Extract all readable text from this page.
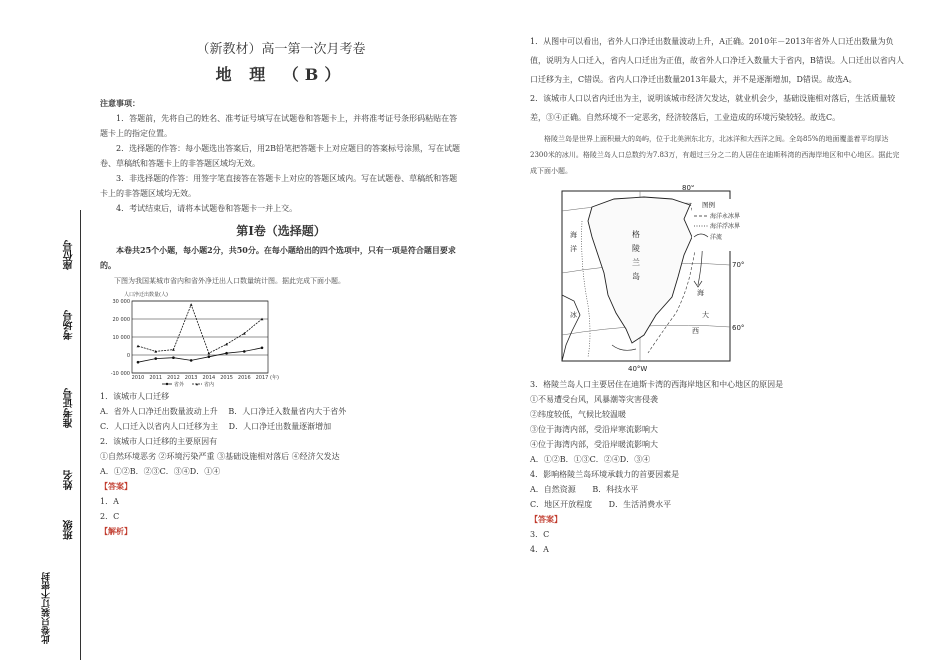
座位号
考场号
准考证号
姓名
班级
此卷只装订不密封
（新教材）高一第一次月考卷
地 理 （B）
注意事项：

1．答题前，先将自己的姓名、准考证号填写在试题卷和答题卡上，并将准考证号条形码粘贴在答题卡上的指定位置。

2．选择题的作答：每小题选出答案后，用2B铅笔把答题卡上对应题目的答案标号涂黑，写在试题卷、草稿纸和答题卡上的非答题区域均无效。

3．非选择题的作答：用签字笔直接答在答题卡上对应的答题区域内。写在试题卷、草稿纸和答题卡上的非答题区域均无效。

4．考试结束后，请将本试题卷和答题卡一并上交。

第Ⅰ卷（选择题）

本卷共25个小题，每小题2分，共50分。在每小题给出的四个选项中，只有一项是符合题目要求的。

下图为我国某城市省内和省外净迁出人口数量统计图。据此完成下面小题。

人口净迁出数量(人)
30 000
20 000
10 000
0
-10 000
2010 2011 2012 2013 2014 2015 2016 2017 (年)
省外	省内
1．该城市人口迁移
A．省外人口净迁出数量波动上升 B．人口净迁入数量省内大于省外
C．人口迁入以省内人口迁移为主 D．人口净迁出数量逐渐增加
2．该城市人口迁移的主要原因有
①自然环境恶劣 ②环境污染严重 ③基础设施相对落后 ④经济欠发达
A．①②B．②③C．③④D．①④
【答案】
1．A
2．C
【解析】

1．从图中可以看出，省外人口净迁出数量波动上升，A正确。2010年－2013年省外人口迁出数量为负值，说明为人口迁入，省内人口迁出为正值，故省外人口净迁入数量大于省内，B错误。人口迁出以省内人口迁移为主，C错误。省内人口净迁出数量2013年最大，并不是逐渐增加，D错误。故选A。

2．该城市人口以省内迁出为主，说明该城市经济欠发达，就业机会少，基础设施相对落后，生活质量较差，③④正确。自然环境不一定恶劣，经济较落后，工业造成的环境污染较轻。故选C。

格陵兰岛是世界上面积最大的岛屿，位于北美洲东北方，北冰洋和大西洋之间。全岛85%的地面覆盖着平均厚达2300米的冰川。格陵兰岛人口总数约为7.83万，有超过三分之二的人居住在迪斯科湾的西海岸地区和中心地区。据此完成下面小题。

80°
70°
60°
40°W
格
陵
兰
岛
海
洋
冰
海
大
西
图例
海洋永冰界
海洋浮冰界
洋流
3．格陵兰岛人口主要居住在迪斯卡湾的西海岸地区和中心地区的原因是
①不易遭受台风，风暴潮等灾害侵袭
②纬度较低，气候比较温暖
③位于海湾内部，受沿岸寒流影响大
④位于海湾内部，受沿岸暖流影响大
A．①②B．①③C．②④D．③④
4．影响格陵兰岛环境承载力的首要因素是
A．自然资源 B．科技水平
C．地区开放程度 D．生活消费水平
【答案】
3．C
4．A
